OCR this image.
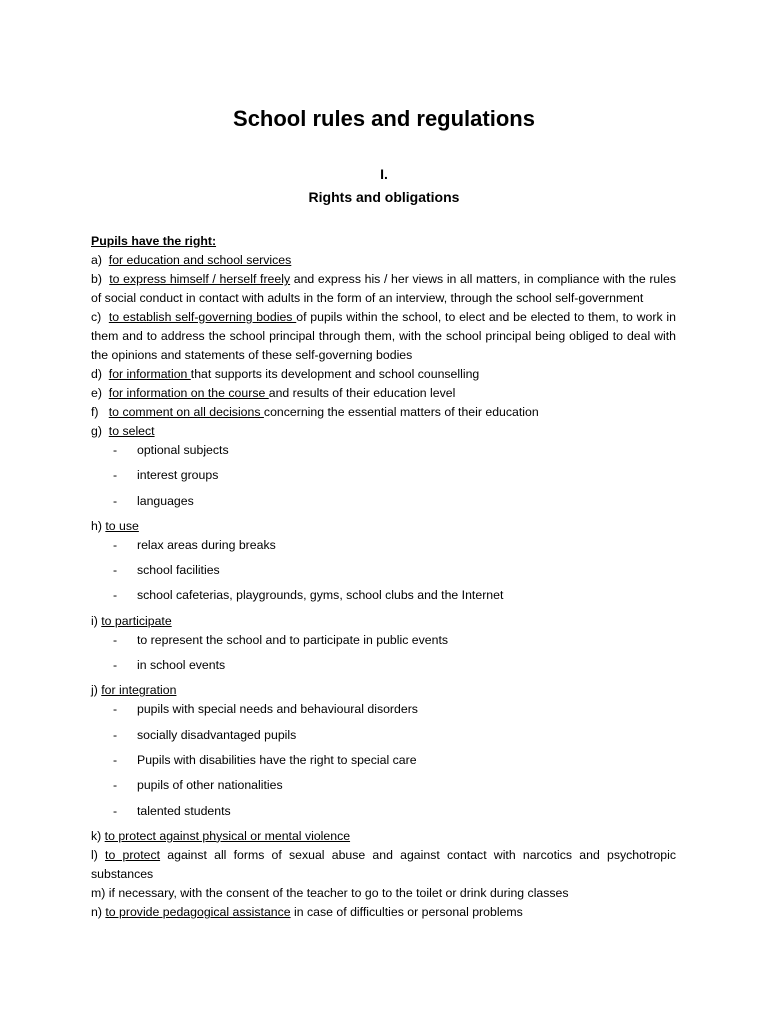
School rules and regulations
I.
Rights and obligations

Pupils have the right:

a) for education and school services

b) to express himself / herself freely and express his / her views in all matters, in compliance with the rules of social conduct in contact with adults in the form of an interview, through the school self-government

c) to establish self-governing bodies of pupils within the school, to elect and be elected to them, to work in them and to address the school principal through them, with the school principal being obliged to deal with the opinions and statements of these self-governing bodies

d) for information that supports its development and school counselling

e) for information on the course and results of their education level

f) to comment on all decisions concerning the essential matters of their education

g)  to select

- optional subjects

- interest groups

- languages

h) to use

- relax areas during breaks

- school facilities

- school cafeterias, playgrounds, gyms, school clubs and the Internet

i) to participate

- to represent the school and to participate in public events

- in school events

j) for integration

- pupils with special needs and behavioural disorders

- socially disadvantaged pupils

- Pupils with disabilities have the right to special care

- pupils of other nationalities

- talented students

k) to protect against physical or mental violence

l) to protect against all forms of sexual abuse and against contact with narcotics and psychotropic substances

m) if necessary, with the consent of the teacher to go to the toilet or drink during classes

n) to provide pedagogical assistance in case of difficulties or personal problems
